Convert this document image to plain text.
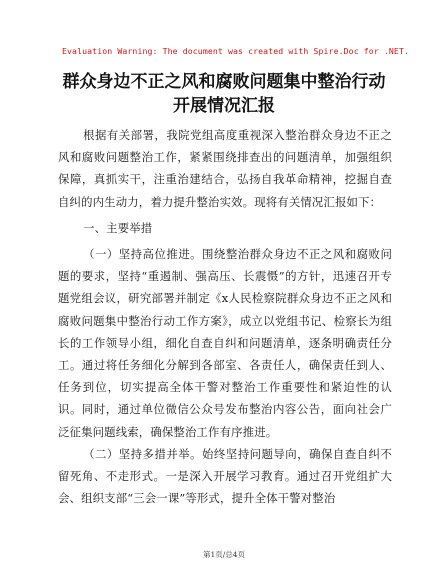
Evaluation Warning: The document was created with Spire.Doc for .NET.
群众身边不正之风和腐败问题集中整治行动开展情况汇报

根据有关部署，我院党组高度重视深入整治群众身边不正之风和腐败问题整治工作，紧紧围绕排查出的问题清单，加强组织保障，真抓实干，注重治建结合，弘扬自我革命精神，挖掘自查自纠的内生动力，着力提升整治实效。现将有关情况汇报如下：

一、主要举措

（一）坚持高位推进。围绕整治群众身边不正之风和腐败问题的要求，坚持“重遏制、强高压、长震慑”的方针，迅速召开专题党组会议，研究部署并制定《x人民检察院群众身边不正之风和腐败问题集中整治行动工作方案》，成立以党组书记、检察长为组长的工作领导小组，细化自查自纠和问题清单，逐条明确责任分工。通过将任务细化分解到各部室、各责任人，确保责任到人、任务到位，切实提高全体干警对整治工作重要性和紧迫性的认识。同时，通过单位微信公众号发布整治内容公告，面向社会广泛征集问题线索，确保整治工作有序推进。

（二）坚持多措并举。始终坚持问题导向，确保自查自纠不留死角、不走形式。一是深入开展学习教育。通过召开党组扩大会、组织支部“三会一课”等形式，提升全体干警对整治

第1页/总4页
